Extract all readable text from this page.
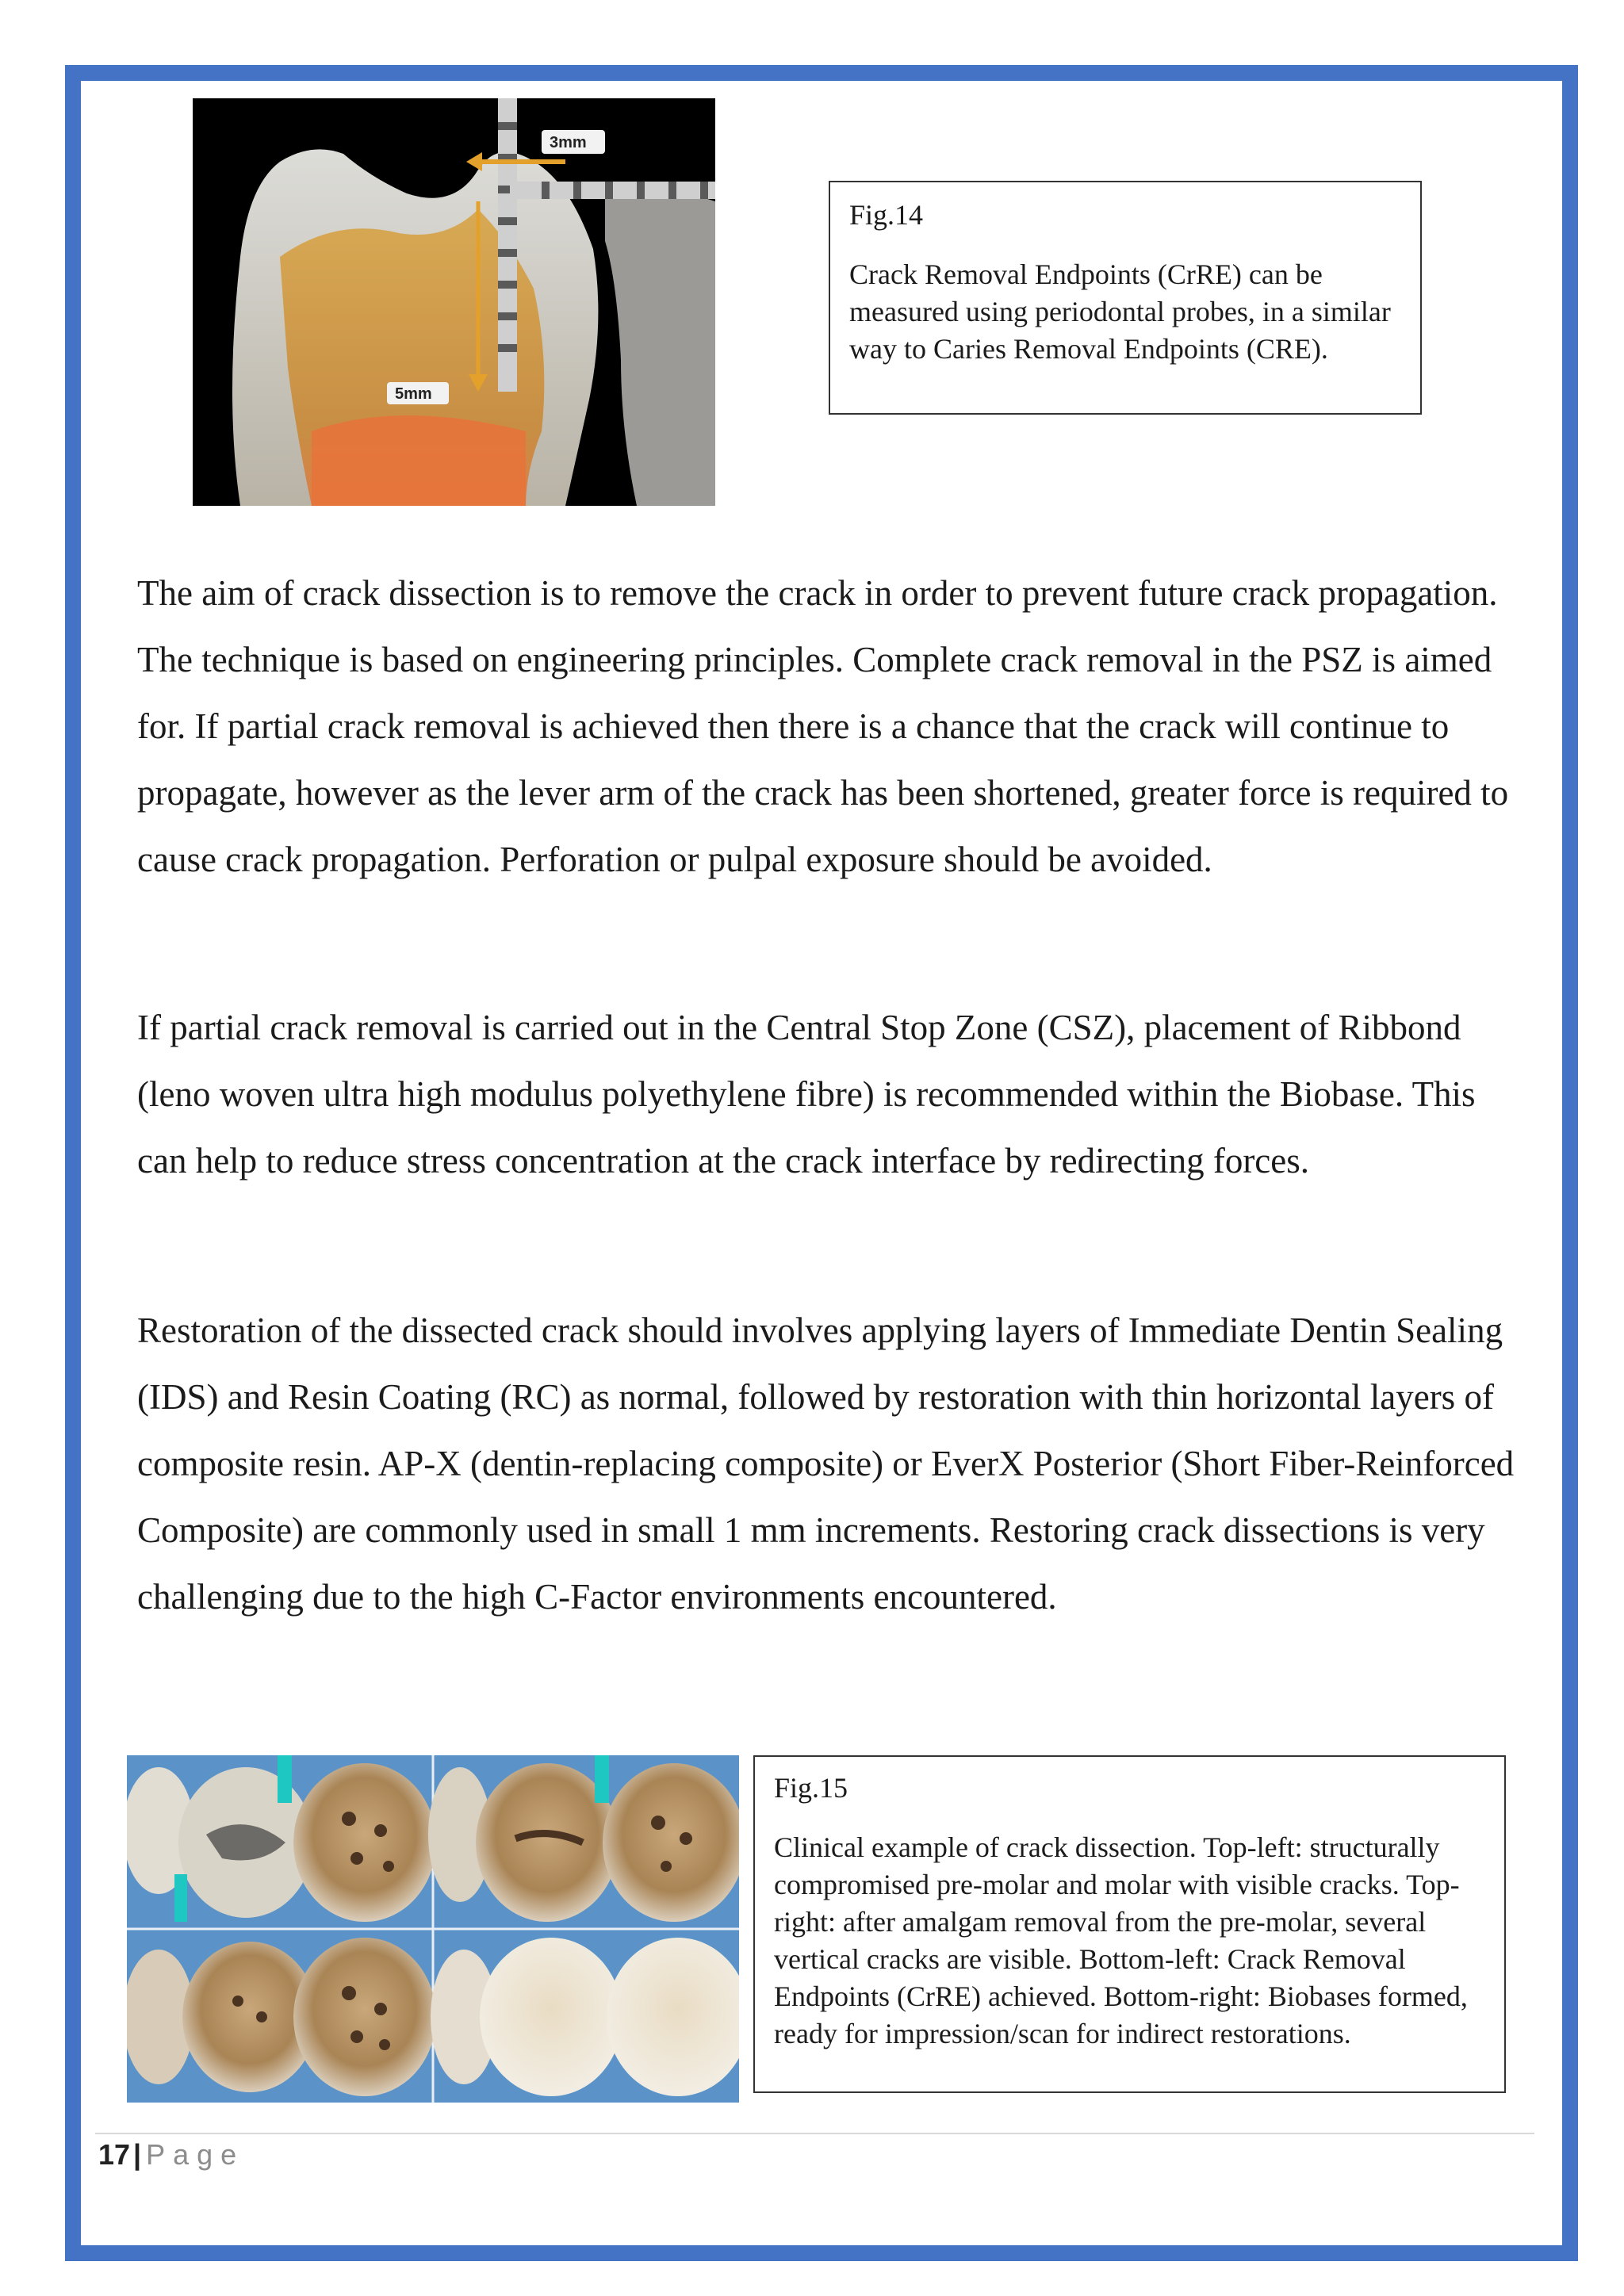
3mm
5mm

Fig.14

Crack Removal Endpoints (CrRE) can be measured using periodontal probes, in a similar way to Caries Removal Endpoints (CRE).

The aim of crack dissection is to remove the crack in order to prevent future crack propagation. The technique is based on engineering principles. Complete crack removal in the PSZ is aimed for. If partial crack removal is achieved then there is a chance that the crack will continue to propagate, however as the lever arm of the crack has been shortened, greater force is required to cause crack propagation. Perforation or pulpal exposure should be avoided.

If partial crack removal is carried out in the Central Stop Zone (CSZ), placement of Ribbond (leno woven ultra high modulus polyethylene fibre) is recommended within the Biobase. This can help to reduce stress concentration at the crack interface by redirecting forces.

Restoration of the dissected crack should involves applying layers of Immediate Dentin Sealing (IDS) and Resin Coating (RC) as normal, followed by restoration with thin horizontal layers of composite resin. AP-X (dentin-replacing composite) or EverX Posterior (Short Fiber-Reinforced Composite) are commonly used in small 1 mm increments. Restoring crack dissections is very challenging due to the high C-Factor environments encountered.

Fig.15

Clinical example of crack dissection. Top-left: structurally compromised pre-molar and molar with visible cracks. Top-right: after amalgam removal from the pre-molar, several vertical cracks are visible. Bottom-left: Crack Removal Endpoints (CrRE) achieved. Bottom-right: Biobases formed, ready for impression/scan for indirect restorations.

17 | Page
